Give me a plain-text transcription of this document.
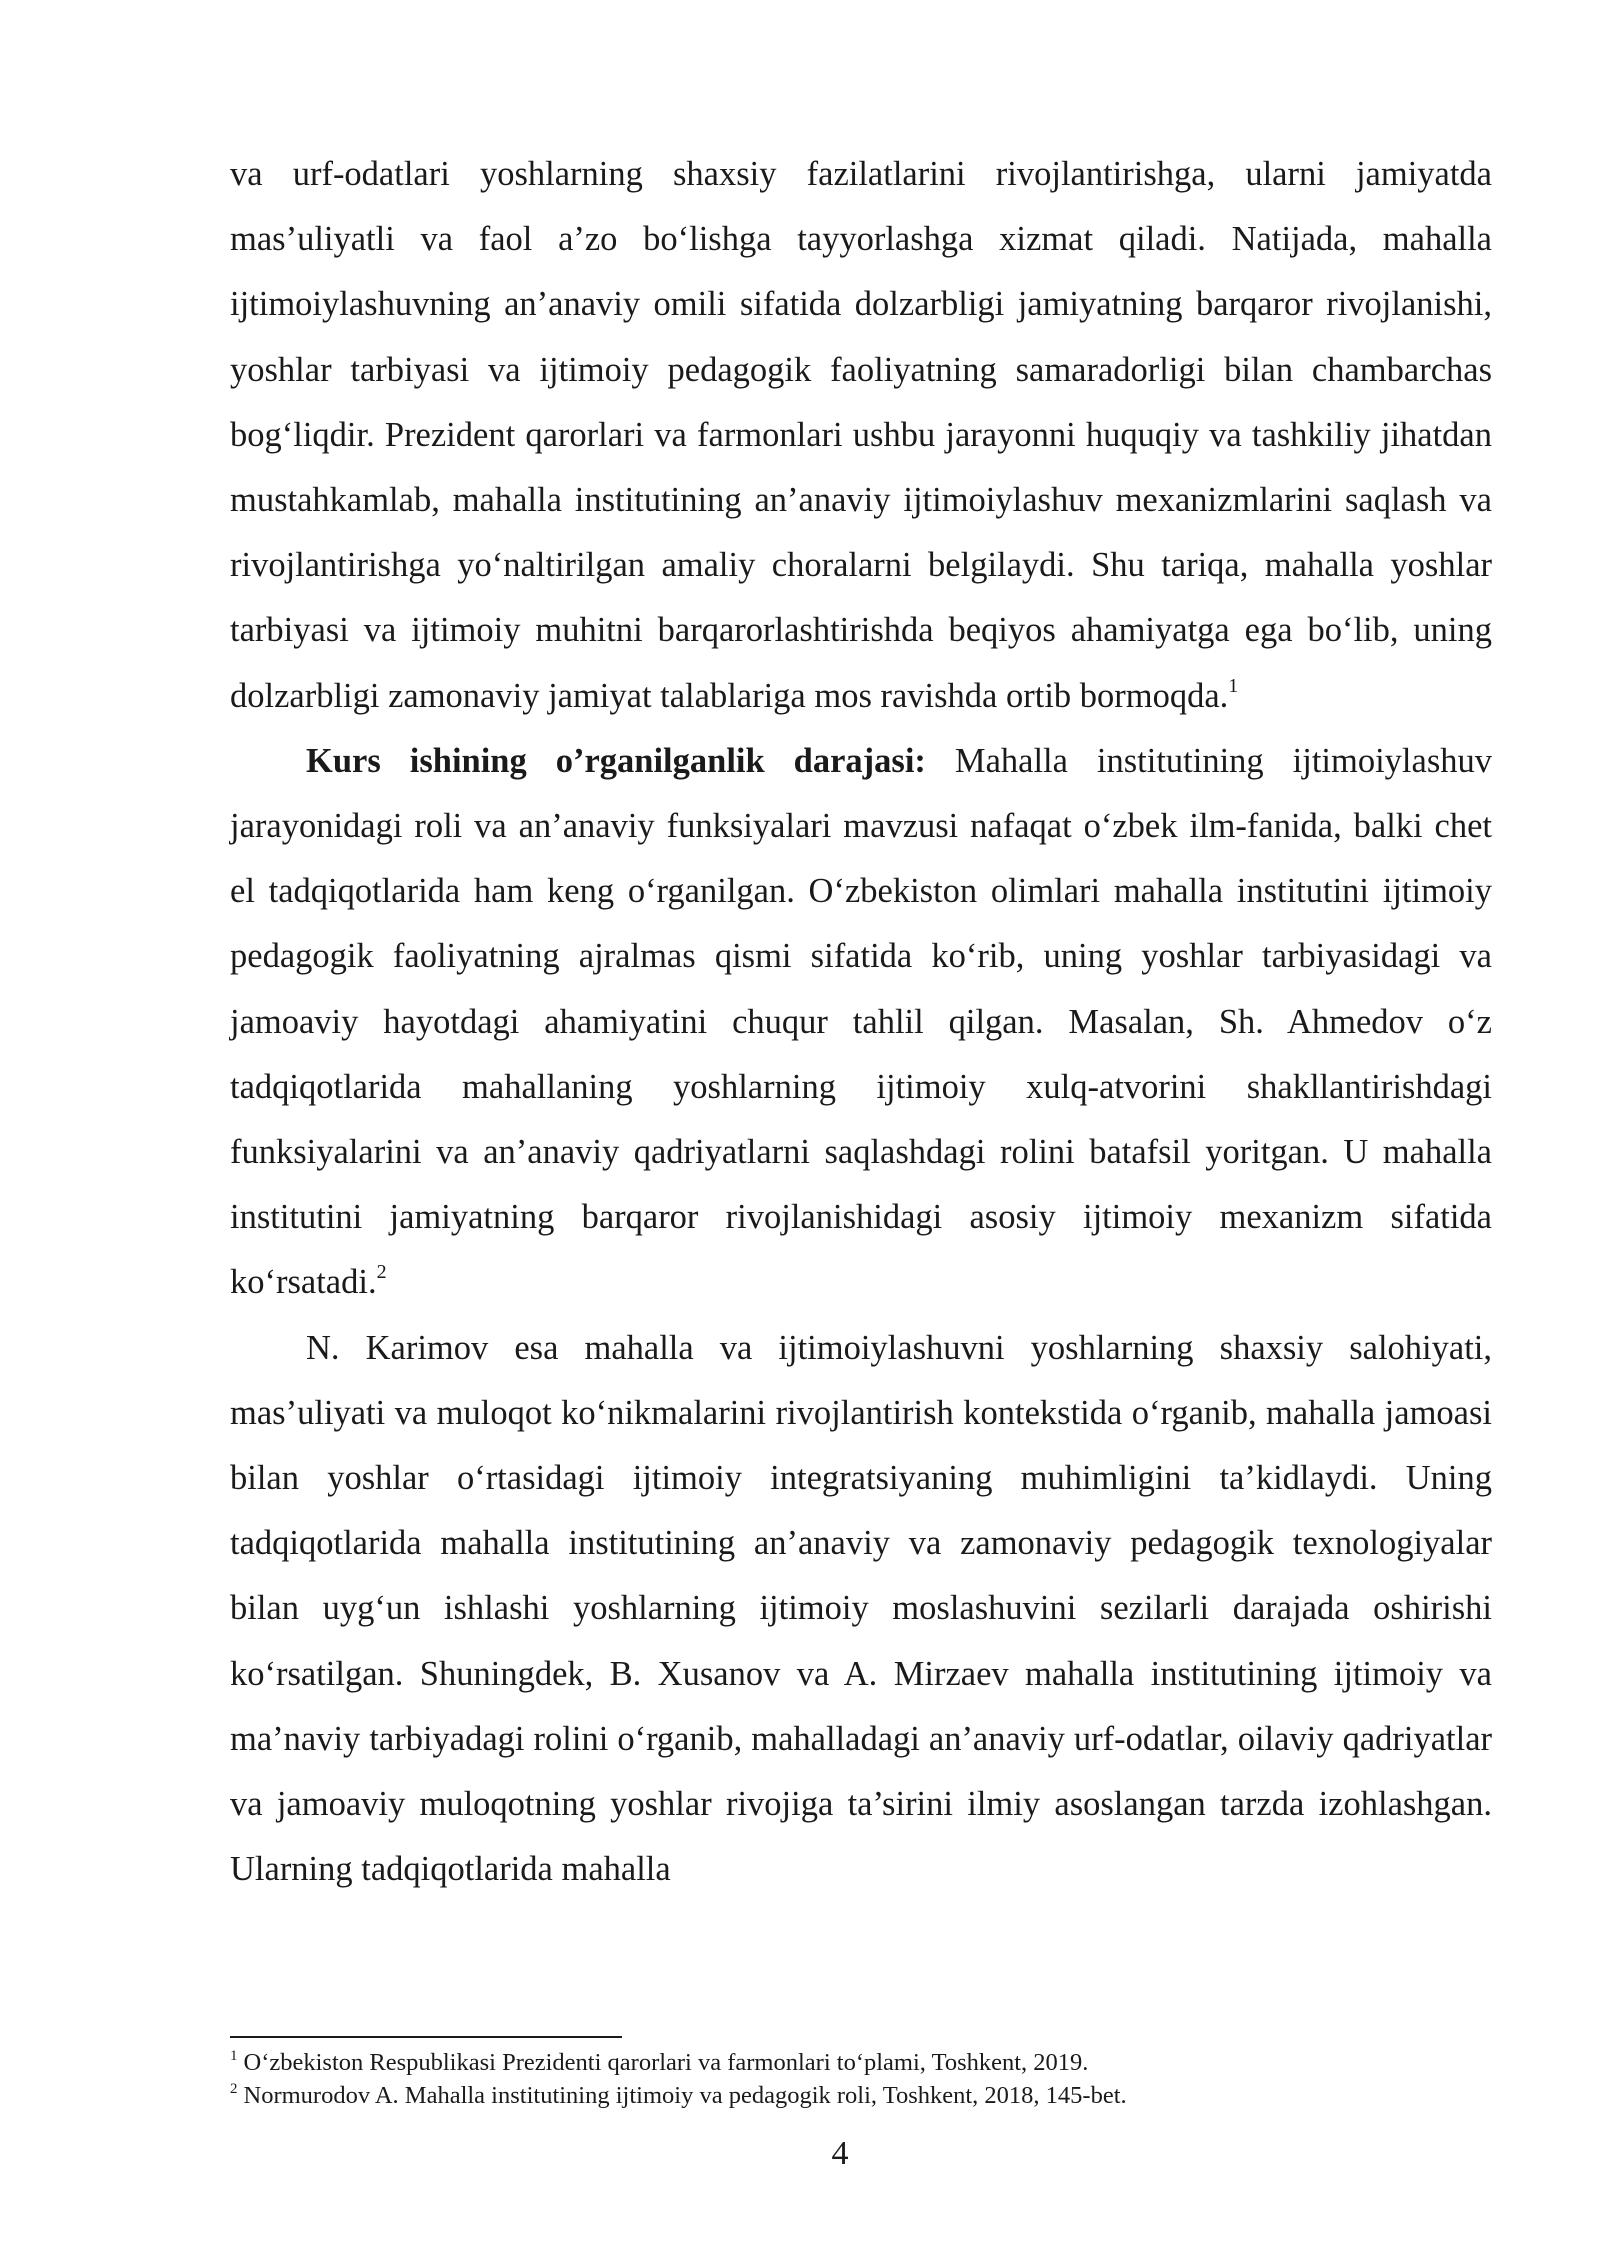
va urf-odatlari yoshlarning shaxsiy fazilatlarini rivojlantirishga, ularni jamiyatda mas’uliyatli va faol a’zo bo‘lishga tayyorlashga xizmat qiladi. Natijada, mahalla ijtimoiylashuvning an’anaviy omili sifatida dolzarbligi jamiyatning barqaror rivojlanishi, yoshlar tarbiyasi va ijtimoiy pedagogik faoliyatning samaradorligi bilan chambarchas bog‘liqdir. Prezident qarorlari va farmonlari ushbu jarayonni huquqiy va tashkiliy jihatdan mustahkamlab, mahalla institutining an’anaviy ijtimoiylashuv mexanizmlarini saqlash va rivojlantirishga yo‘naltirilgan amaliy choralarni belgilaydi. Shu tariqa, mahalla yoshlar tarbiyasi va ijtimoiy muhitni barqarorlashtirishda beqiyos ahamiyatga ega bo‘lib, uning dolzarbligi zamonaviy jamiyat talablariga mos ravishda ortib bormoqda.$^1$

Kurs ishining o’rganilganlik darajasi: Mahalla institutining ijtimoiylashuv jarayonidagi roli va an’anaviy funksiyalari mavzusi nafaqat o‘zbek ilm-fanida, balki chet el tadqiqotlarida ham keng o‘rganilgan. O‘zbekiston olimlari mahalla institutini ijtimoiy pedagogik faoliyatning ajralmas qismi sifatida ko‘rib, uning yoshlar tarbiyasidagi va jamoaviy hayotdagi ahamiyatini chuqur tahlil qilgan. Masalan, Sh. Ahmedov o‘z tadqiqotlarida mahallaning yoshlarning ijtimoiy xulq-atvorini shakllantirishdagi funksiyalarini va an’anaviy qadriyatlarni saqlashdagi rolini batafsil yoritgan. U mahalla institutini jamiyatning barqaror rivojlanishidagi asosiy ijtimoiy mexanizm sifatida ko‘rsatadi.$^2$

N. Karimov esa mahalla va ijtimoiylashuvni yoshlarning shaxsiy salohiyati, mas’uliyati va muloqot ko‘nikmalarini rivojlantirish kontekstida o‘rganib, mahalla jamoasi bilan yoshlar o‘rtasidagi ijtimoiy integratsiyaning muhimligini ta’kidlaydi. Uning tadqiqotlarida mahalla institutining an’anaviy va zamonaviy pedagogik texnologiyalar bilan uyg‘un ishlashi yoshlarning ijtimoiy moslashuvini sezilarli darajada oshirishi ko‘rsatilgan. Shuningdek, B. Xusanov va A. Mirzaev mahalla institutining ijtimoiy va ma’naviy tarbiyadagi rolini o‘rganib, mahalladagi an’anaviy urf-odatlar, oilaviy qadriyatlar va jamoaviy muloqotning yoshlar rivojiga ta’sirini ilmiy asoslangan tarzda izohlashgan. Ularning tadqiqotlarida mahalla

$^1$ O‘zbekiston Respublikasi Prezidenti qarorlari va farmonlari to‘plami, Toshkent, 2019.
$^2$ Normurodov A. Mahalla institutining ijtimoiy va pedagogik roli, Toshkent, 2018, 145-bet.
4
